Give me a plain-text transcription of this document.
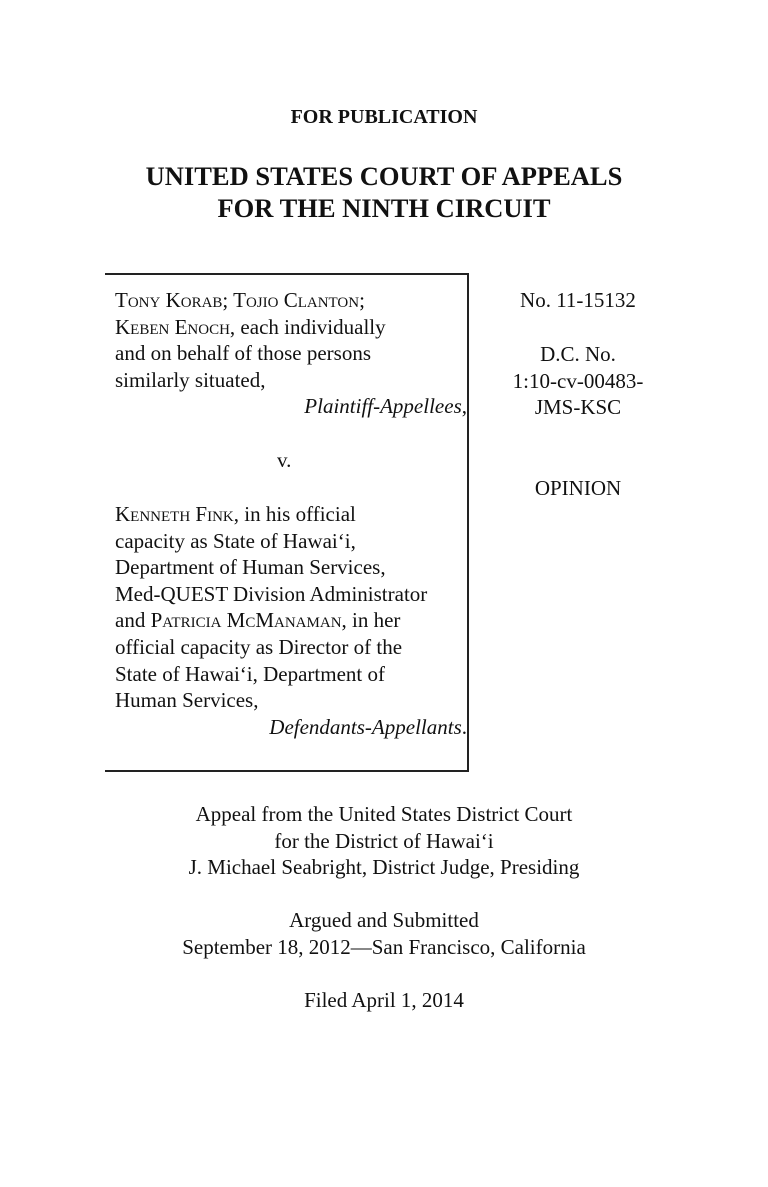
FOR PUBLICATION
UNITED STATES COURT OF APPEALS
FOR THE NINTH CIRCUIT
Tony Korab; Tojio Clanton;
Keben Enoch, each individually
and on behalf of those persons
similarly situated,
Plaintiff-Appellees,
v.
Kenneth Fink, in his official
capacity as State of Hawai‘i,
Department of Human Services,
Med-QUEST Division Administrator
and Patricia McManaman, in her
official capacity as Director of the
State of Hawai‘i, Department of
Human Services,
Defendants-Appellants.
No. 11-15132
D.C. No.
1:10-cv-00483-
JMS-KSC
OPINION
Appeal from the United States District Court
for the District of Hawai‘i
J. Michael Seabright, District Judge, Presiding
Argued and Submitted
September 18, 2012—San Francisco, California
Filed April 1, 2014
